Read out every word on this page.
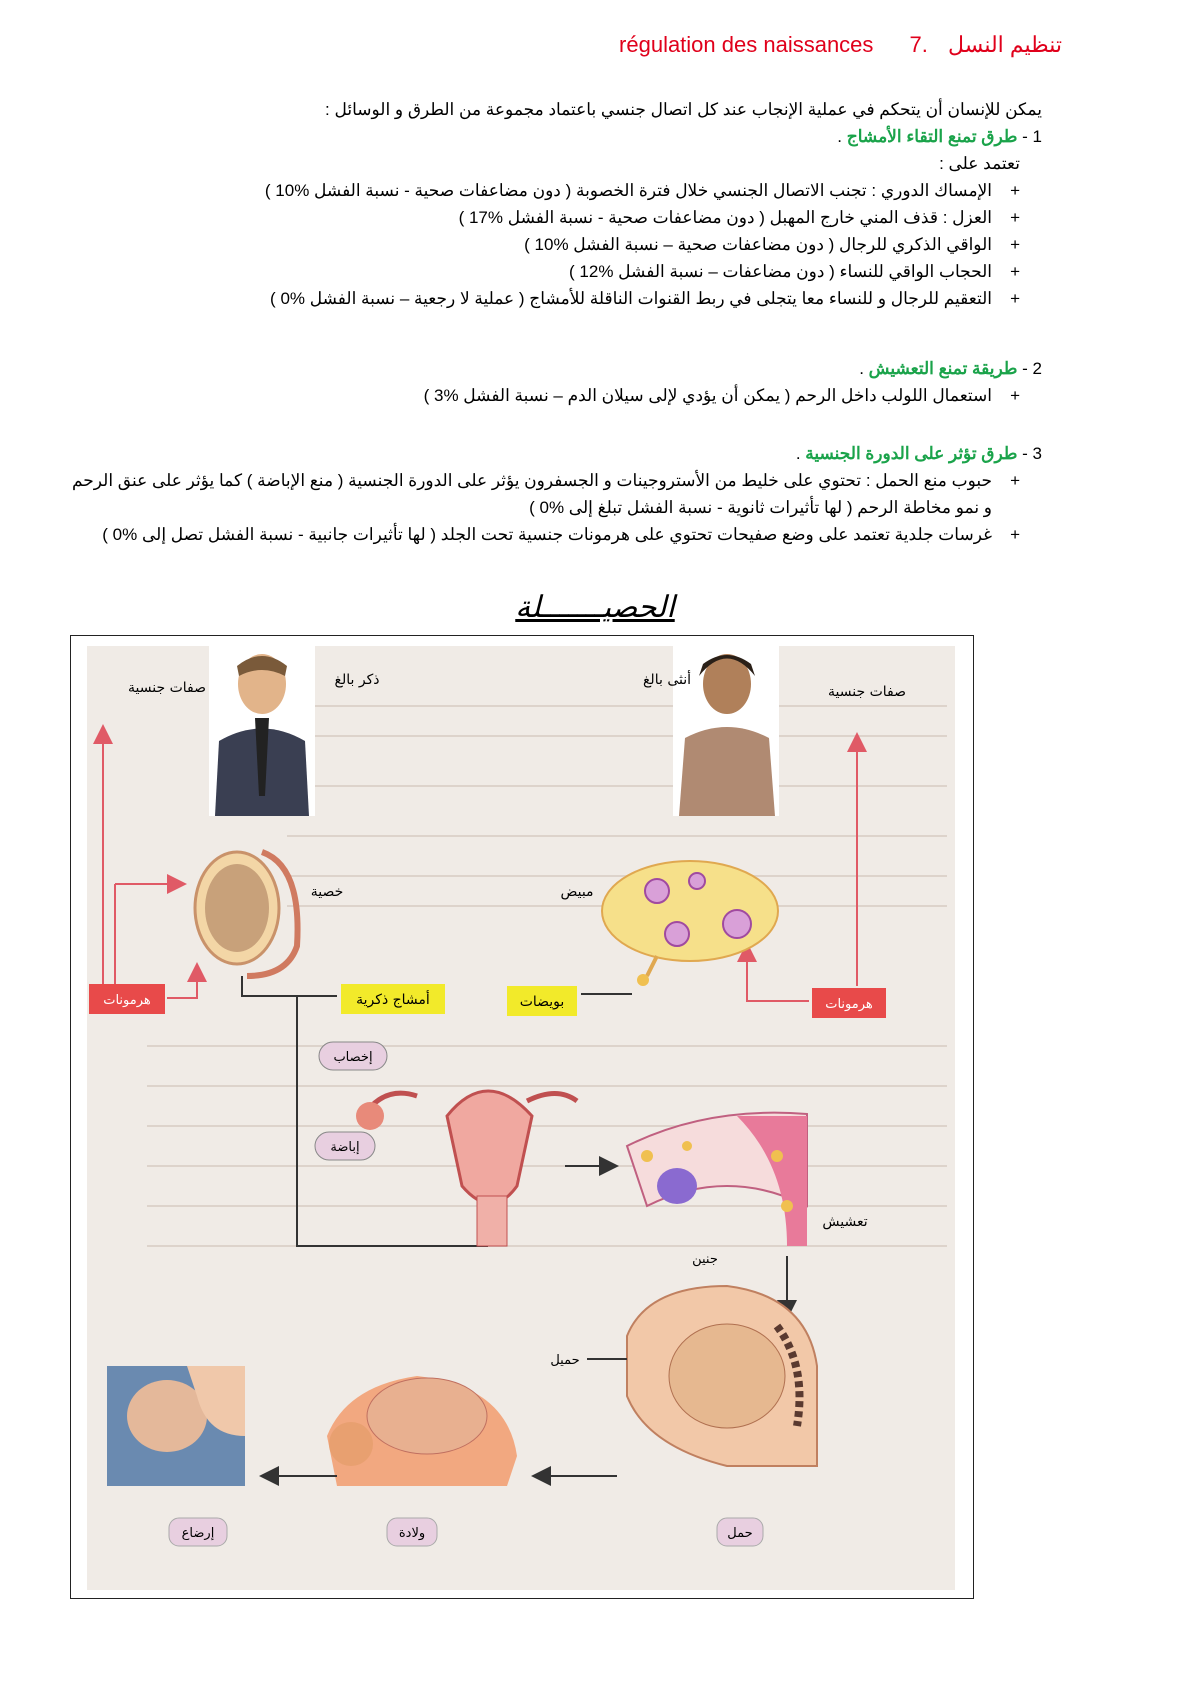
régulation des naissances	تنظيم النسل .7
يمكن للإنسان أن يتحكم في عملية الإنجاب عند كل اتصال جنسي باعتماد مجموعة من الطرق و الوسائل :
1 - طرق تمنع التقاء الأمشاج .
تعتمد على :
+ الإمساك الدوري : تجنب الاتصال الجنسي خلال فترة الخصوبة ( دون مضاعفات صحية - نسبة الفشل %10 )
+ العزل : قذف المني خارج المهبل ( دون مضاعفات صحية - نسبة الفشل %17 )
+ الواقي الذكري للرجال ( دون مضاعفات صحية – نسبة الفشل %10 )
+ الحجاب الواقي للنساء ( دون مضاعفات – نسبة الفشل %12 )
+ التعقيم للرجال و للنساء معا يتجلى في ربط القنوات الناقلة للأمشاج ( عملية لا رجعية – نسبة الفشل %0 )
2 - طريقة تمنع التعشيش .
+ استعمال اللولب داخل الرحم ( يمكن أن يؤدي لإلى سيلان الدم – نسبة الفشل %3 )
3 - طرق تؤثر على الدورة الجنسية .
+ حبوب منع الحمل : تحتوي على خليط من الأستروجينات و الجسفرون يؤثر على الدورة الجنسية ( منع الإباضة ) كما يؤثر على عنق الرحم و نمو مخاطة الرحم ( لها تأثيرات ثانوية - نسبة الفشل تبلغ إلى %0 )
+ غرسات جلدية تعتمد على وضع صفيحات تحتوي على هرمونات جنسية تحت الجلد ( لها تأثيرات جانبية - نسبة الفشل تصل إلى %0 )
الحصيـــــــلة
صفات جنسية	ذكر بالغ	أنثى بالغ
صفات جنسية
خصية	مبيض
هرمونات	هرمونات
أمشاج ذكرية	بويضات
إخصاب
إباضة
تعشيش
جنين
حميل
حمل
ولادة
إرضاع
